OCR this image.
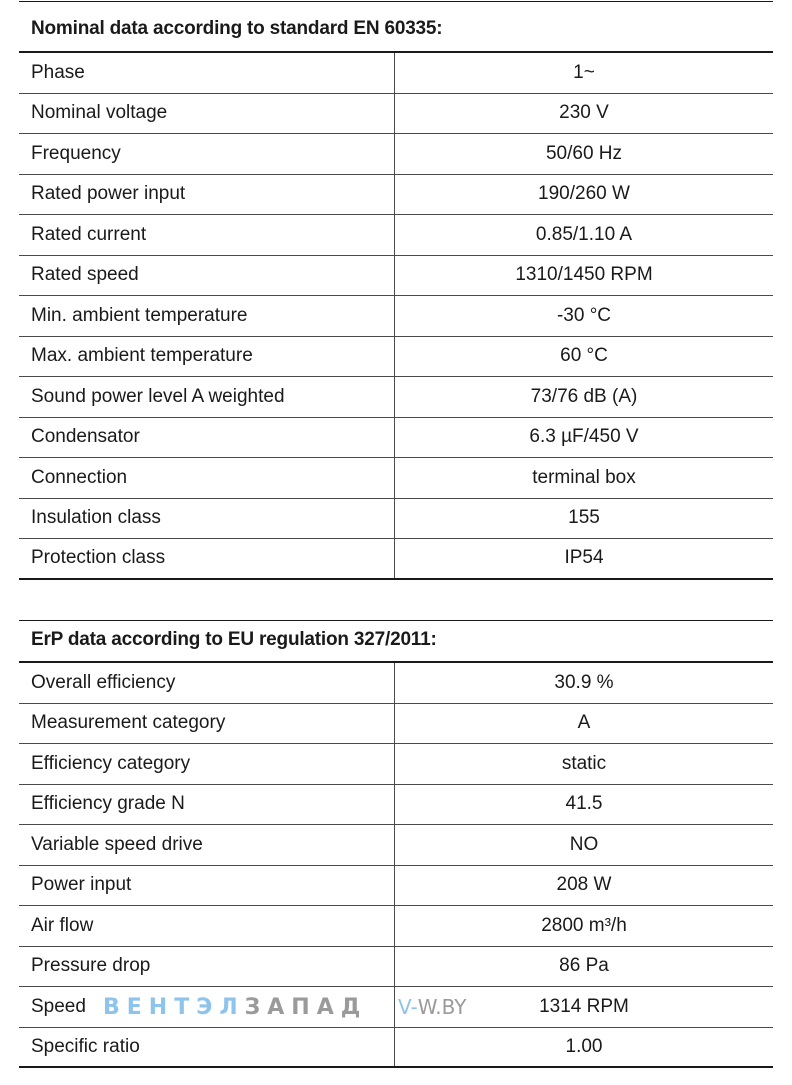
Nominal data according to standard EN 60335:
Phase	1~
Nominal voltage	230 V
Frequency	50/60 Hz
Rated power input	190/260 W
Rated current	0.85/1.10 A
Rated speed	1310/1450 RPM
Min. ambient temperature	-30 °C
Max. ambient temperature	60 °C
Sound power level A weighted	73/76 dB (A)
Condensator	6.3 µF/450 V
Connection	terminal box
Insulation class	155
Protection class	IP54
ErP data according to EU regulation 327/2011:
Overall efficiency	30.9 %
Measurement category	A
Efficiency category	static
Efficiency grade N	41.5
Variable speed drive	NO
Power input	208 W
Air flow	2800 m³/h
Pressure drop	86 Pa
Speed	1314 RPM
Specific ratio	1.00
ВЕНТЭЛ ЗАПАД V- W.BY
